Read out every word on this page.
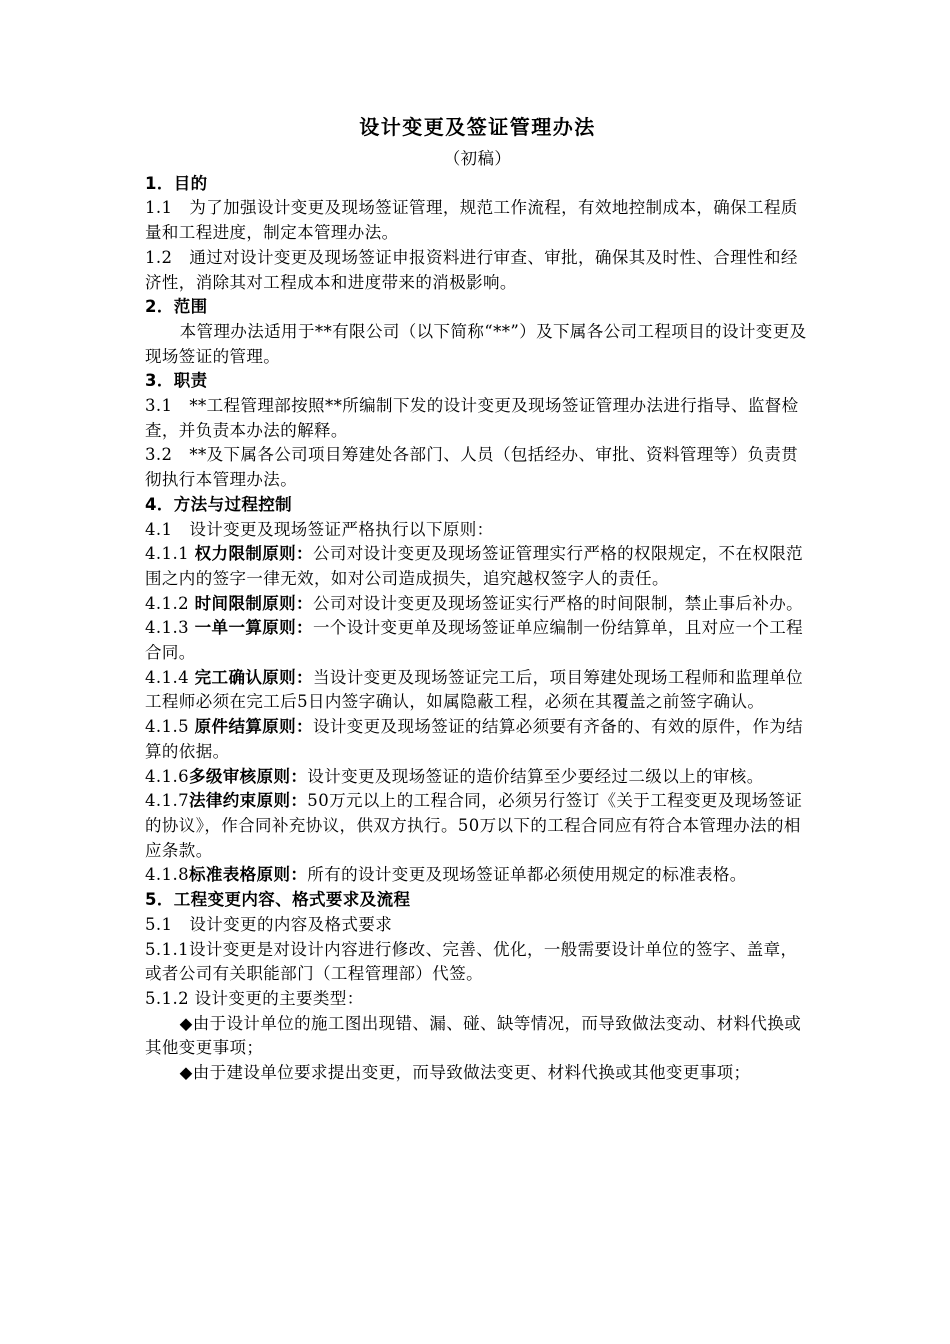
设计变更及签证管理办法
（初稿）
1．目的

1.1　为了加强设计变更及现场签证管理，规范工作流程，有效地控制成本，确保工程质量和工程进度，制定本管理办法。

1.2　通过对设计变更及现场签证申报资料进行审查、审批，确保其及时性、合理性和经济性，消除其对工程成本和进度带来的消极影响。

2．范围

本管理办法适用于**有限公司（以下简称“**”）及下属各公司工程项目的设计变更及现场签证的管理。

3．职责

3.1　**工程管理部按照**所编制下发的设计变更及现场签证管理办法进行指导、监督检查，并负责本办法的解释。

3.2　**及下属各公司项目筹建处各部门、人员（包括经办、审批、资料管理等）负责贯彻执行本管理办法。

4．方法与过程控制

4.1　设计变更及现场签证严格执行以下原则：

4.1.1 权力限制原则：公司对设计变更及现场签证管理实行严格的权限规定，不在权限范围之内的签字一律无效，如对公司造成损失，追究越权签字人的责任。

4.1.2 时间限制原则：公司对设计变更及现场签证实行严格的时间限制，禁止事后补办。

4.1.3 一单一算原则：一个设计变更单及现场签证单应编制一份结算单，且对应一个工程合同。

4.1.4 完工确认原则：当设计变更及现场签证完工后，项目筹建处现场工程师和监理单位工程师必须在完工后5日内签字确认，如属隐蔽工程，必须在其覆盖之前签字确认。

4.1.5 原件结算原则：设计变更及现场签证的结算必须要有齐备的、有效的原件，作为结算的依据。

4.1.6多级审核原则：设计变更及现场签证的造价结算至少要经过二级以上的审核。

4.1.7法律约束原则：50万元以上的工程合同，必须另行签订《关于工程变更及现场签证的协议》，作合同补充协议，供双方执行。50万以下的工程合同应有符合本管理办法的相应条款。

4.1.8标准表格原则：所有的设计变更及现场签证单都必须使用规定的标准表格。

5．工程变更内容、格式要求及流程

5.1　设计变更的内容及格式要求

5.1.1设计变更是对设计内容进行修改、完善、优化，一般需要设计单位的签字、盖章，或者公司有关职能部门（工程管理部）代签。

5.1.2 设计变更的主要类型：

◆由于设计单位的施工图出现错、漏、碰、缺等情况，而导致做法变动、材料代换或其他变更事项；

◆由于建设单位要求提出变更，而导致做法变更、材料代换或其他变更事项；
